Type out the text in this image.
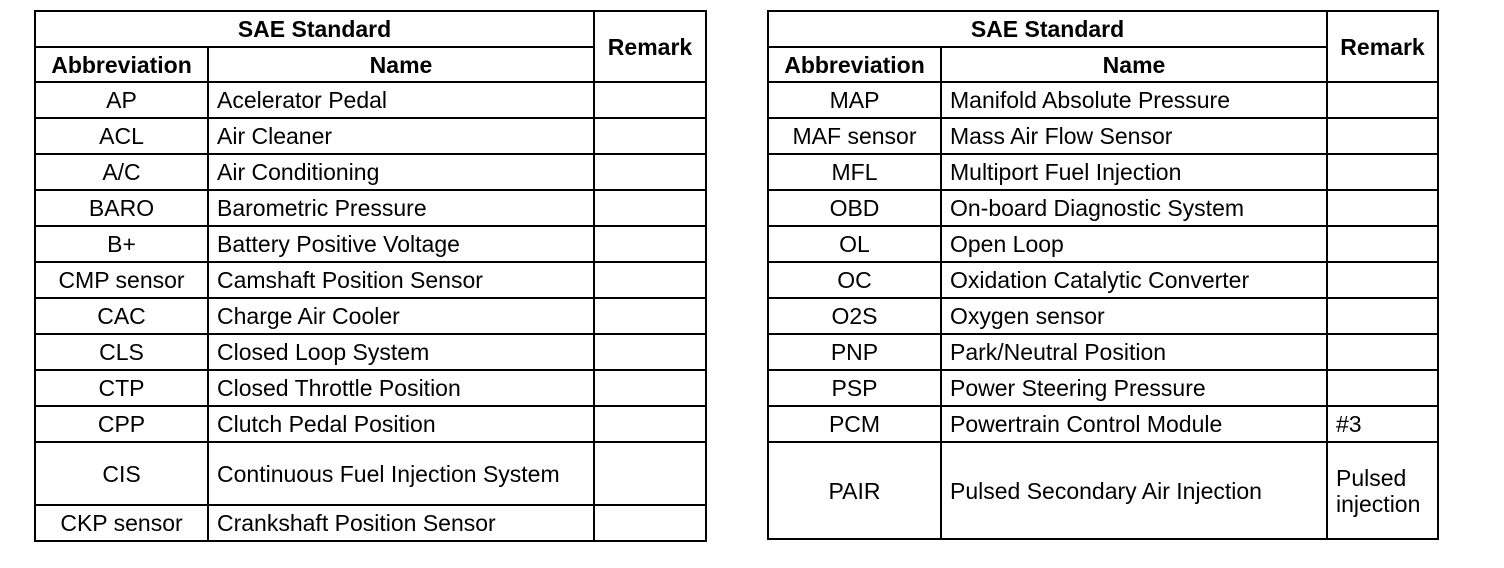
SAE Standard		Remark
Abbreviation	Name	
AP	Acelerator Pedal	
ACL	Air Cleaner	
A/C	Air Conditioning	
BARO	Barometric Pressure	
B+	Battery Positive Voltage	
CMP sensor	Camshaft Position Sensor	
CAC	Charge Air Cooler	
CLS	Closed Loop System	
CTP	Closed Throttle Position	
CPP	Clutch Pedal Position	
CIS	Continuous Fuel Injection System	
CKP sensor	Crankshaft Position Sensor	
SAE Standard		Remark
Abbreviation	Name	
MAP	Manifold Absolute Pressure	
MAF sensor	Mass Air Flow Sensor	
MFL	Multiport Fuel Injection	
OBD	On-board Diagnostic System	
OL	Open Loop	
OC	Oxidation Catalytic Converter	
O2S	Oxygen sensor	
PNP	Park/Neutral Position	
PSP	Power Steering Pressure	
PCM	Powertrain Control Module	#3
PAIR	Pulsed Secondary Air Injection	Pulsed injection
